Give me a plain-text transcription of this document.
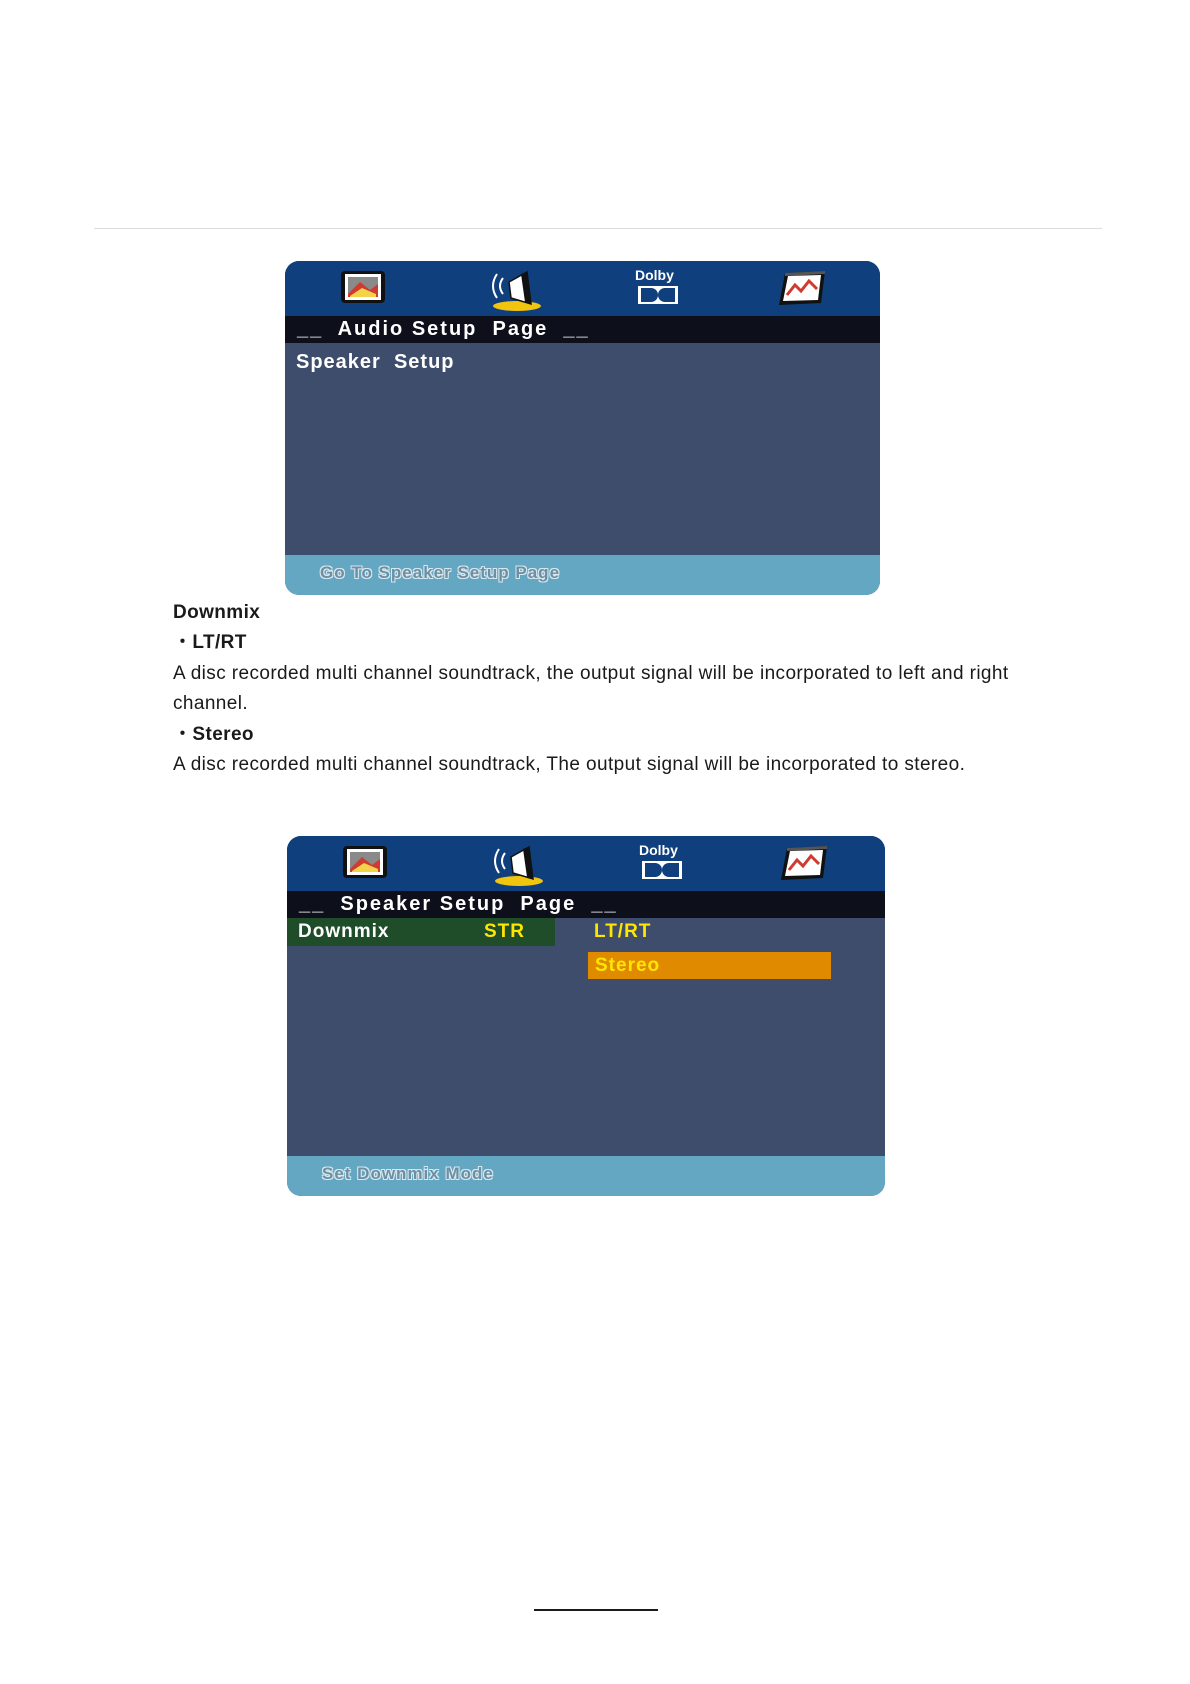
Dolby

__  Audio Setup  Page  __

Speaker  Setup
Go To Speaker Setup Page
Downmix
・LT/RT
A disc recorded multi channel soundtrack, the output signal will be incorporated to left and right
channel.
・Stereo
A disc recorded multi channel soundtrack, The output signal will be incorporated to stereo.
Dolby

__  Speaker Setup  Page  __

Downmix	STR	LT/RT
Stereo
Set Downmix Mode
